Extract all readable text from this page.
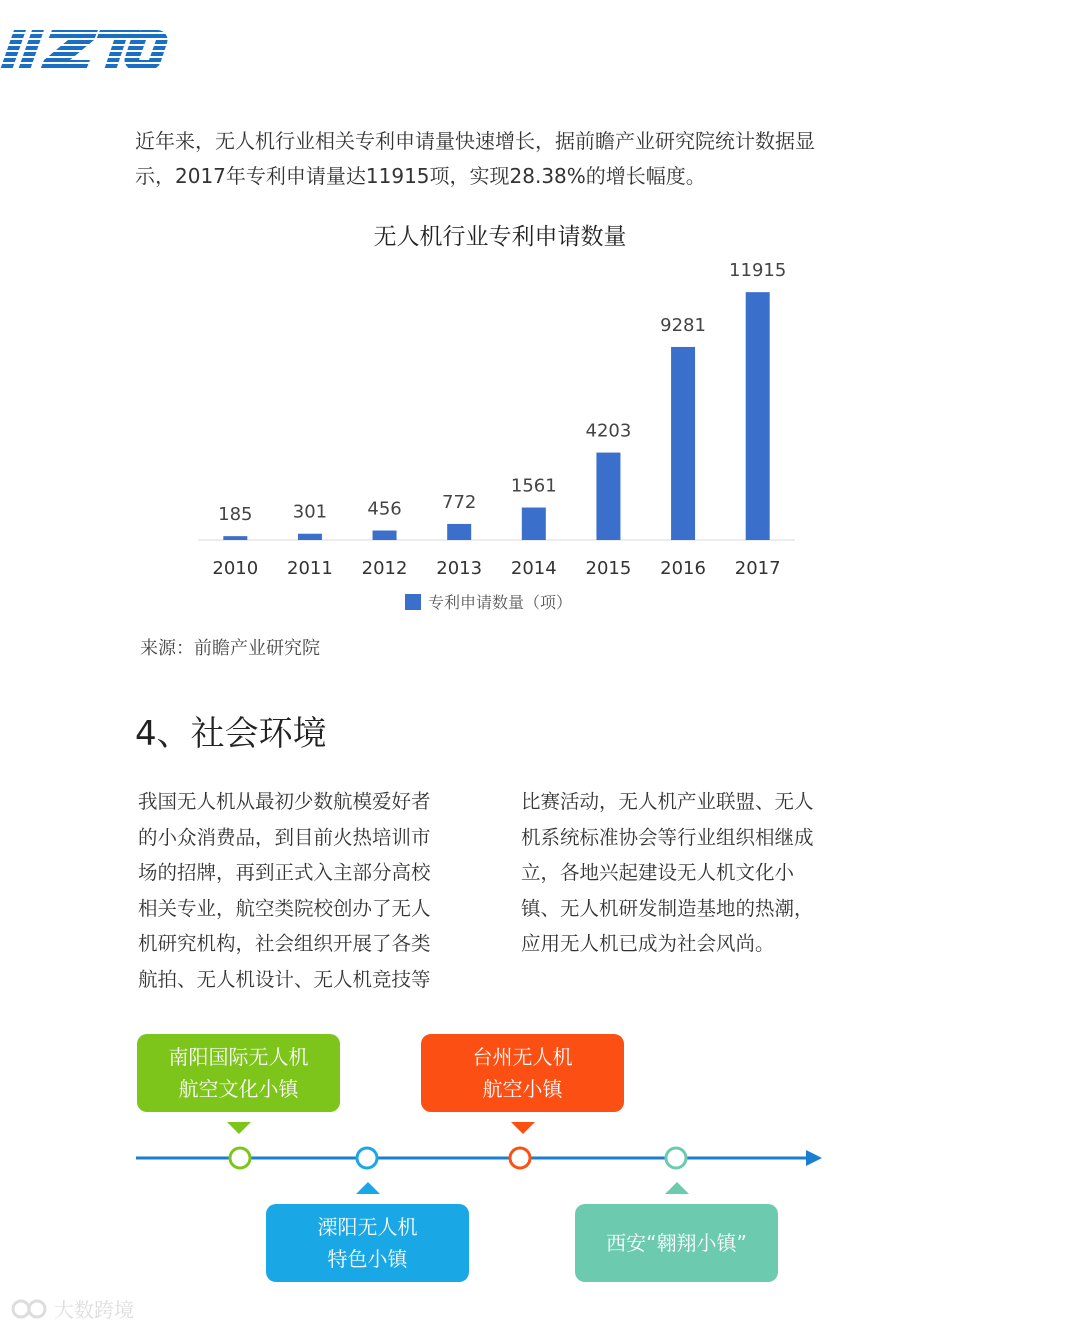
近年来，无人机行业相关专利申请量快速增长，据前瞻产业研究院统计数据显
示，2017年专利申请量达11915项，实现28.38%的增长幅度。

无人机行业专利申请数量
185
2010
301
2011
456
2012
772
2013
1561
2014
4203
2015
9281
2016
11915
2017
专利申请数量（项）
来源：前瞻产业研究院
4、社会环境

我国无人机从最初少数航模爱好者
的小众消费品，到目前火热培训市
场的招牌，再到正式入主部分高校
相关专业，航空类院校创办了无人
机研究机构，社会组织开展了各类
航拍、无人机设计、无人机竞技等

比赛活动，无人机产业联盟、无人
机系统标准协会等行业组织相继成
立，各地兴起建设无人机文化小
镇、无人机研发制造基地的热潮，
应用无人机已成为社会风尚。

南阳国际无人机
航空文化小镇
台州无人机
航空小镇
溧阳无人机
特色小镇
西安“翱翔小镇”
大数跨境
